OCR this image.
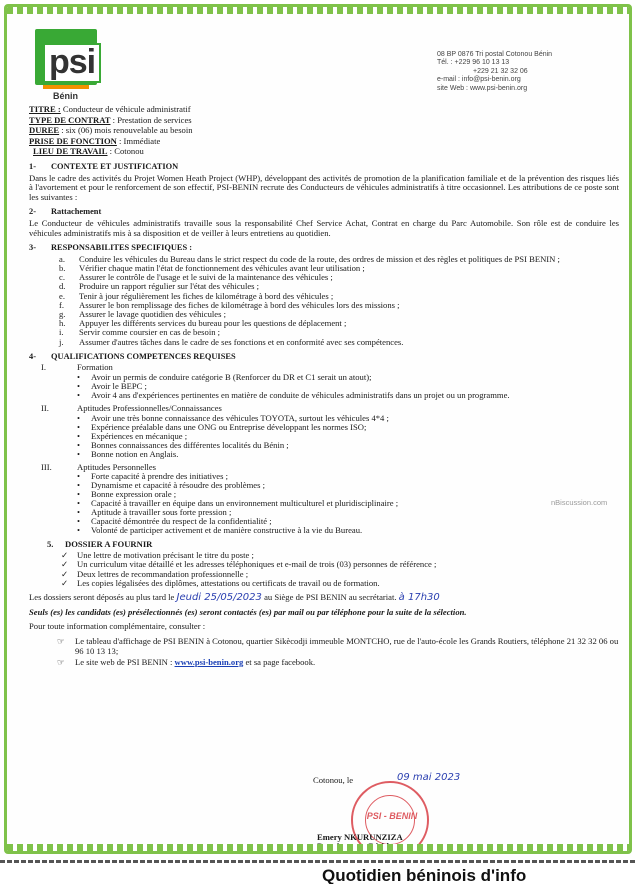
psi
Bénin
08 BP 0876 Tri postal Cotonou Bénin
Tél. : +229 96 10 13 13
+229 21 32 32 06
e-mail : info@psi-benin.org
site Web : www.psi-benin.org
TITRE : Conducteur de véhicule administratif
TYPE DE CONTRAT : Prestation de services
DUREE : six (06) mois renouvelable au besoin
PRISE DE FONCTION : Immédiate
LIEU DE TRAVAIL : Cotonou
1- CONTEXTE ET JUSTIFICATION

Dans le cadre des activités du Projet Women Heath Project (WHP), développant des activités de promotion de la planification familiale et de la prévention des risques liés à l'avortement et pour le renforcement de son effectif, PSI-BENIN recrute des Conducteurs de véhicules administratifs à titre occasionnel. Les attributions de ce poste sont les suivantes :

2- Rattachement

Le Conducteur de véhicules administratifs travaille sous la responsabilité Chef Service Achat, Contrat en charge du Parc Automobile. Son rôle est de conduire les véhicules administratifs mis à sa disposition et de veiller à leurs entretiens au quotidien.

3- RESPONSABILITES SPECIFIQUES :
a.	Conduire les véhicules du Bureau dans le strict respect du code de la route, des ordres de mission et des règles et politiques de PSI BENIN ;
b.	Vérifier chaque matin l'état de fonctionnement des véhicules avant leur utilisation ;
c.	Assurer le contrôle de l'usage et le suivi de la maintenance des véhicules ;
d.	Produire un rapport régulier sur l'état des véhicules ;
e.	Tenir à jour régulièrement les fiches de kilométrage à bord des véhicules ;
f.	Assurer le bon remplissage des fiches de kilométrage à bord des véhicules lors des missions ;
g.	Assurer le lavage quotidien des véhicules ;
h.	Appuyer les différents services du bureau pour les questions de déplacement ;
i.	Servir comme coursier en cas de besoin ;
j.	Assumer d'autres tâches dans le cadre de ses fonctions et en conformité avec ses compétences.
4- QUALIFICATIONS COMPETENCES REQUISES
I.	Formation
•	Avoir un permis de conduire catégorie B (Renforcer du DR et C1 serait un atout);
•	Avoir le BEPC ;
•	Avoir 4 ans d'expériences pertinentes en matière de conduite de véhicules administratifs dans un projet ou un programme.
II.	Aptitudes Professionnelles/Connaissances
•	Avoir une très bonne connaissance des véhicules TOYOTA, surtout les véhicules 4*4 ;
•	Expérience préalable dans une ONG ou Entreprise développant les normes ISO;
•	Expériences en mécanique ;
•	Bonnes connaissances des différentes localités du Bénin ;
•	Bonne notion en Anglais.
III.	Aptitudes Personnelles
•	Forte capacité à prendre des initiatives ;
•	Dynamisme et capacité à résoudre des problèmes ;
•	Bonne expression orale ;
•	Capacité à travailler en équipe dans un environnement multiculturel et pluridisciplinaire ;
•	Aptitude à travailler sous forte pression ;
•	Capacité démontrée du respect de la confidentialité ;
•	Volonté de participer activement et de manière constructive à la vie du Bureau.
5. DOSSIER A FOURNIR
✓	Une lettre de motivation précisant le titre du poste ;
✓	Un curriculum vitae détaillé et les adresses téléphoniques et e-mail de trois (03) personnes de référence ;
✓	Deux lettres de recommandation professionnelle ;
✓	Les copies légalisées des diplômes, attestations ou certificats de travail ou de formation.

Les dossiers seront déposés au plus tard le Jeudi 25/05/2023 au Siège de PSI BENIN au secrétariat. à 17h30

Seuls (es) les candidats (es) présélectionnés (es) seront contactés (es) par mail ou par téléphone pour la suite de la sélection.

Pour toute information complémentaire, consulter :

☞	Le tableau d'affichage de PSI BENIN à Cotonou, quartier Sikècodji immeuble MONTCHO, rue de l'auto-école les Grands Routiers, téléphone 21 32 32 06 ou 96 10 13 13;
☞	Le site web de PSI BENIN : www.psi-benin.org et sa page facebook.
Cotonou, le	09 mai 2023
PSI - BENIN
Emery NKURUNZIZA
nBiscussion.com
Quotidien béninois d'info
